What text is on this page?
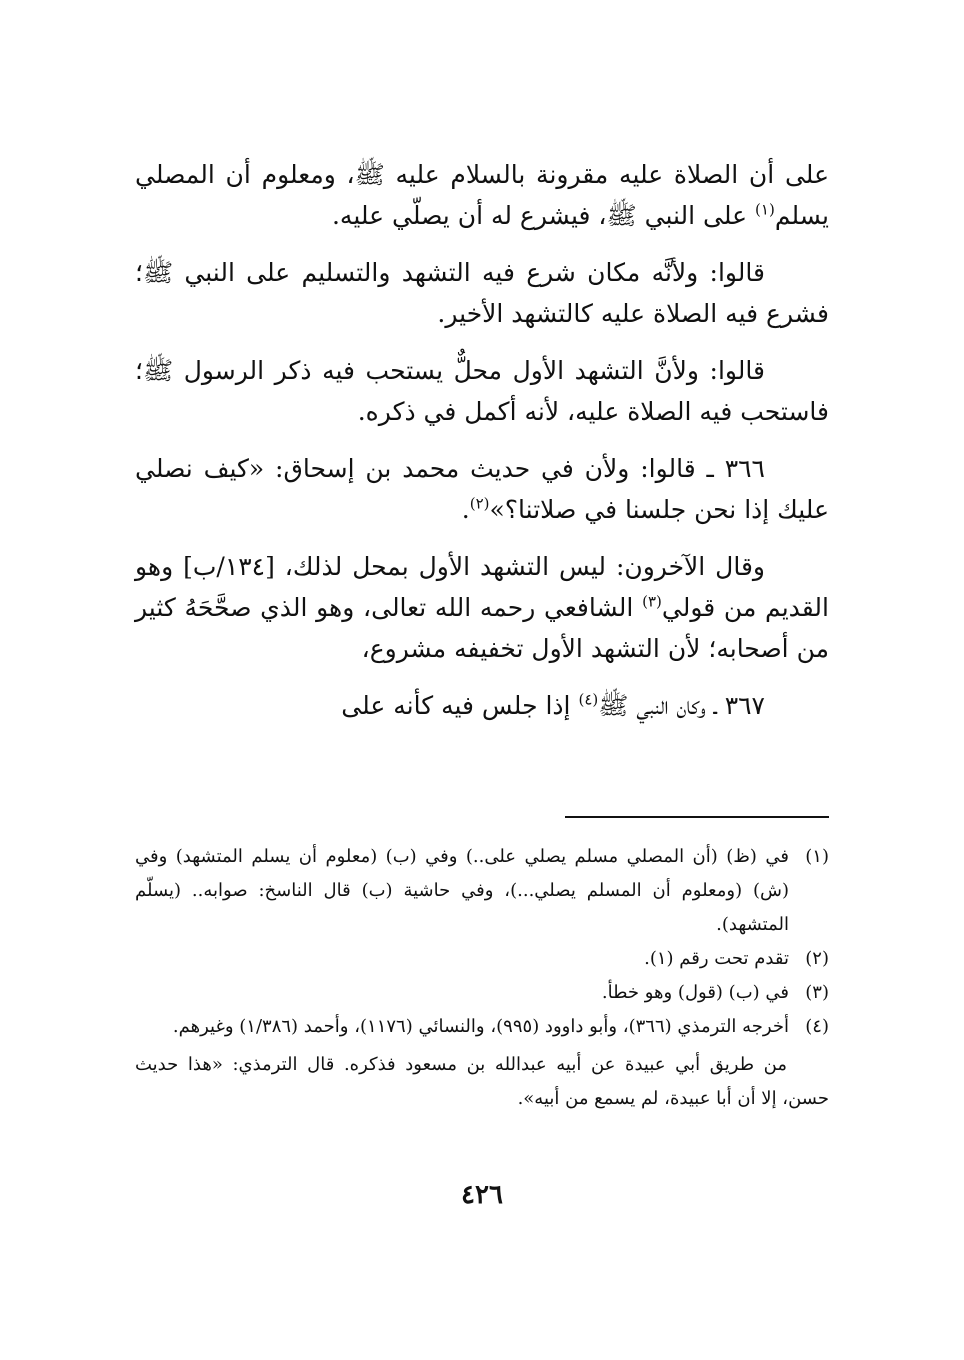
على أن الصلاة عليه مقرونة بالسلام عليه ﷺ، ومعلوم أن المصلي يسلم$^{(١)}$ على النبي ﷺ، فيشرع له أن يصلّي عليه.

قالوا: ولأنَّه مكان شرع فيه التشهد والتسليم على النبي ﷺ؛ فشرع فيه الصلاة عليه كالتشهد الأخير.

قالوا: ولأنَّ التشهد الأول محلٌّ يستحب فيه ذكر الرسول ﷺ؛ فاستحب فيه الصلاة عليه، لأنه أكمل في ذكره.

٣٦٦ ـ قالوا: ولأن في حديث محمد بن إسحاق: «كيف نصلي عليك إذا نحن جلسنا في صلاتنا؟»$^{(٢)}$.

وقال الآخرون: ليس التشهد الأول بمحل لذلك، [١٣٤/ب] وهو القديم من قولي$^{(٣)}$ الشافعي رحمه الله تعالى، وهو الذي صحَّحَهُ كثير من أصحابه؛ لأن التشهد الأول تخفيفه مشروع،

٣٦٧ ـ وكان النبي ﷺ$^{(٤)}$ إذا جلس فيه كأنه على

(١)
في (ظ) (أن المصلي مسلم يصلي على..) وفي (ب) (معلوم أن يسلم المتشهد) وفي (ش) (ومعلوم أن المسلم يصلي...)، وفي حاشية (ب) قال الناسخ: صوابه.. (يسلّم المتشهد).
(٢)
تقدم تحت رقم (١).
(٣)
في (ب) (قول) وهو خطأ.
(٤)
أخرجه الترمذي (٣٦٦)، وأبو داوود (٩٩٥)، والنسائي (١١٧٦)، وأحمد (١/٣٨٦) وغيرهم.
من طريق أبي عبيدة عن أبيه عبدالله بن مسعود فذكره. قال الترمذي: «هذا حديث حسن، إلا أن أبا عبيدة، لم يسمع من أبيه».
٤٢٦
